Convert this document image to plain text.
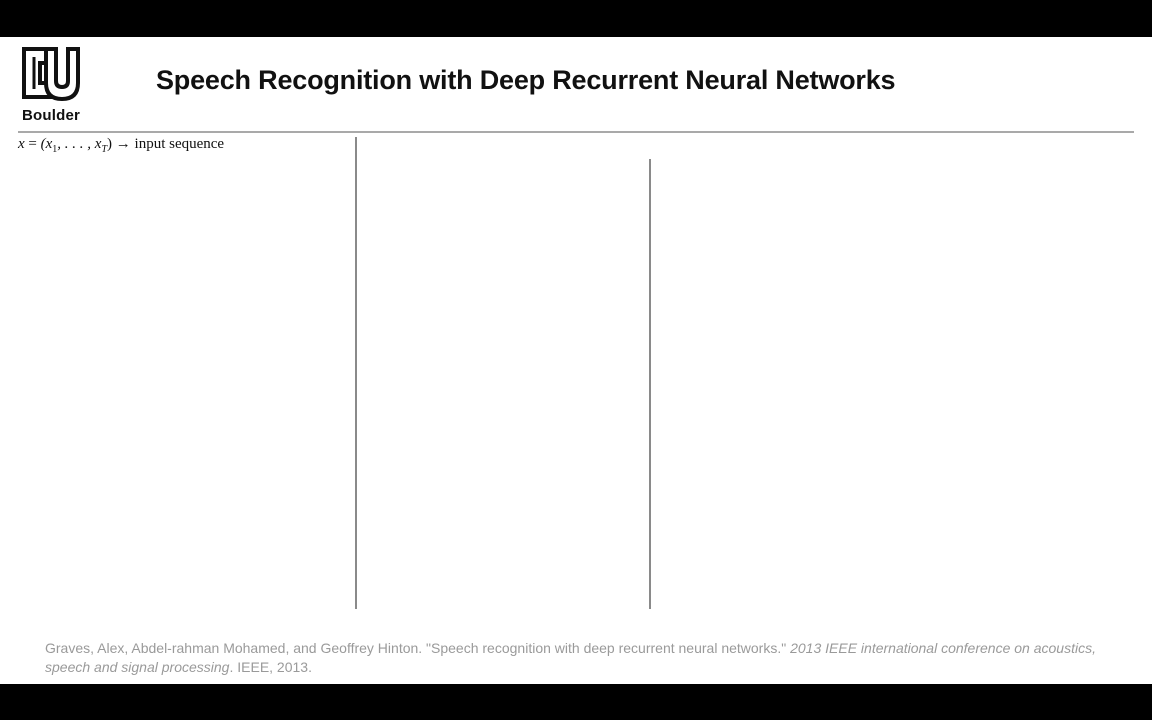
Boulder
Speech Recognition with Deep Recurrent Neural Networks
$x = (x_1$, . . . , $x_T$) → input sequence
Graves, Alex, Abdel-rahman Mohamed, and Geoffrey Hinton. "Speech recognition with deep recurrent neural networks." 2013 IEEE international conference on acoustics, speech and signal processing. IEEE, 2013.
